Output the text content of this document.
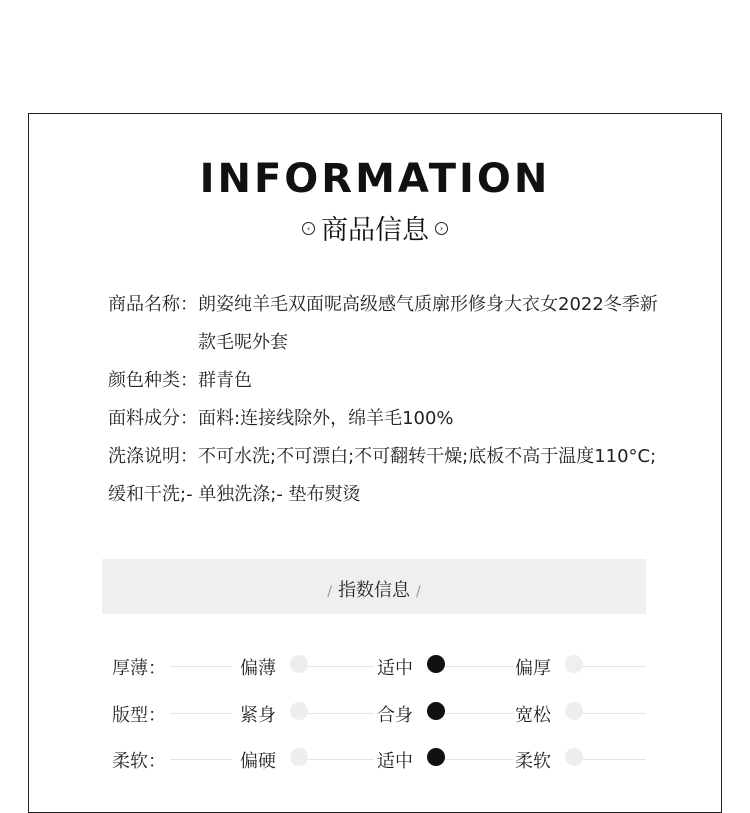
INFORMATION
‹ 商品信息 ›
商品名称： 朗姿纯羊毛双面呢高级感气质廓形修身大衣女2022冬季新款毛呢外套
颜色种类： 群青色
面料成分： 面料:连接线除外，绵羊毛100%
洗涤说明：不可水洗;不可漂白;不可翻转干燥;底板不高于温度110°C;缓和干洗;- 单独洗涤;- 垫布熨烫
/ 指数信息 /
厚薄：	偏薄	适中	偏厚
版型：	紧身	合身	宽松
柔软：	偏硬	适中	柔软
